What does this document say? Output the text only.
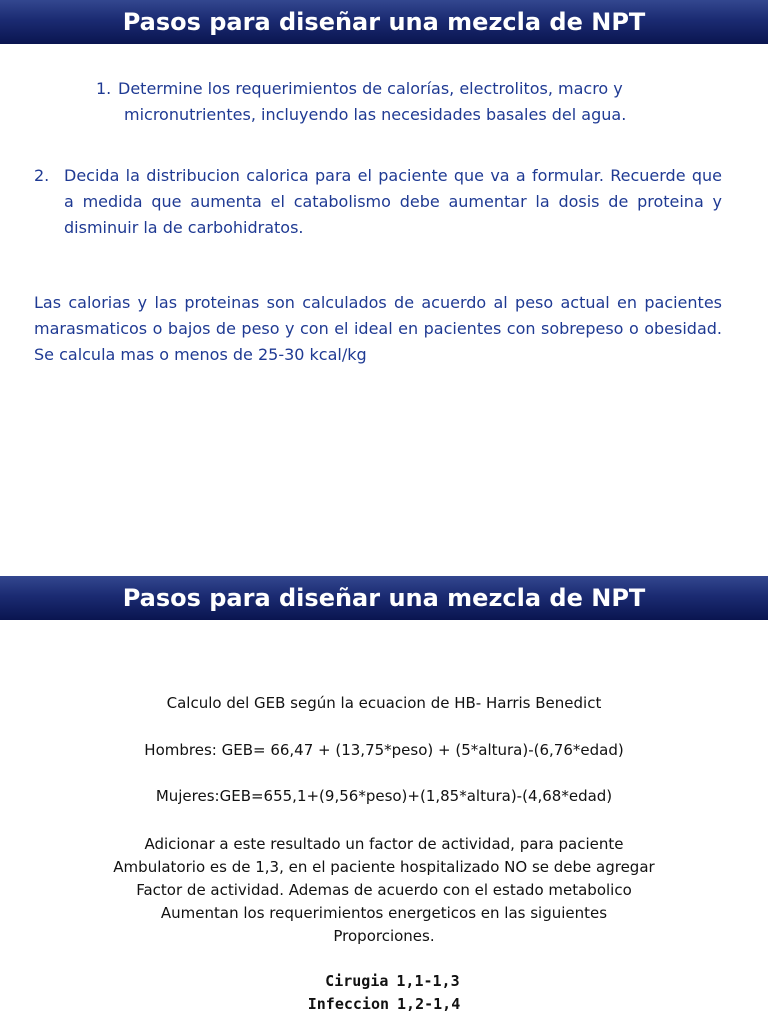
Pasos para diseñar una mezcla de NPT
1. Determine los requerimientos de calorías, electrolitos, macro y
micronutrientes, incluyendo las necesidades basales del agua.
2. Decida la distribucion calorica para el paciente que va a formular. Recuerde que a medida que aumenta el catabolismo debe aumentar la dosis de proteina y disminuir la de carbohidratos.
Las calorias y las proteinas son calculados de acuerdo al peso actual en pacientes marasmaticos o bajos de peso y con el ideal en pacientes con sobrepeso o obesidad. Se calcula mas o menos de 25-30 kcal/kg
Pasos para diseñar una mezcla de NPT
Calculo del GEB según la ecuacion de HB- Harris Benedict
Hombres: GEB= 66,47 + (13,75*peso) + (5*altura)-(6,76*edad)
Mujeres:GEB=655,1+(9,56*peso)+(1,85*altura)-(4,68*edad)
Adicionar a este resultado un factor de actividad, para paciente
Ambulatorio es de 1,3, en el paciente hospitalizado NO se debe agregar
Factor de actividad. Ademas de acuerdo con el estado metabolico
Aumentan los requerimientos energeticos en las siguientes
Proporciones.
Cirugia 1,1-1,3
Infeccion 1,2-1,4
